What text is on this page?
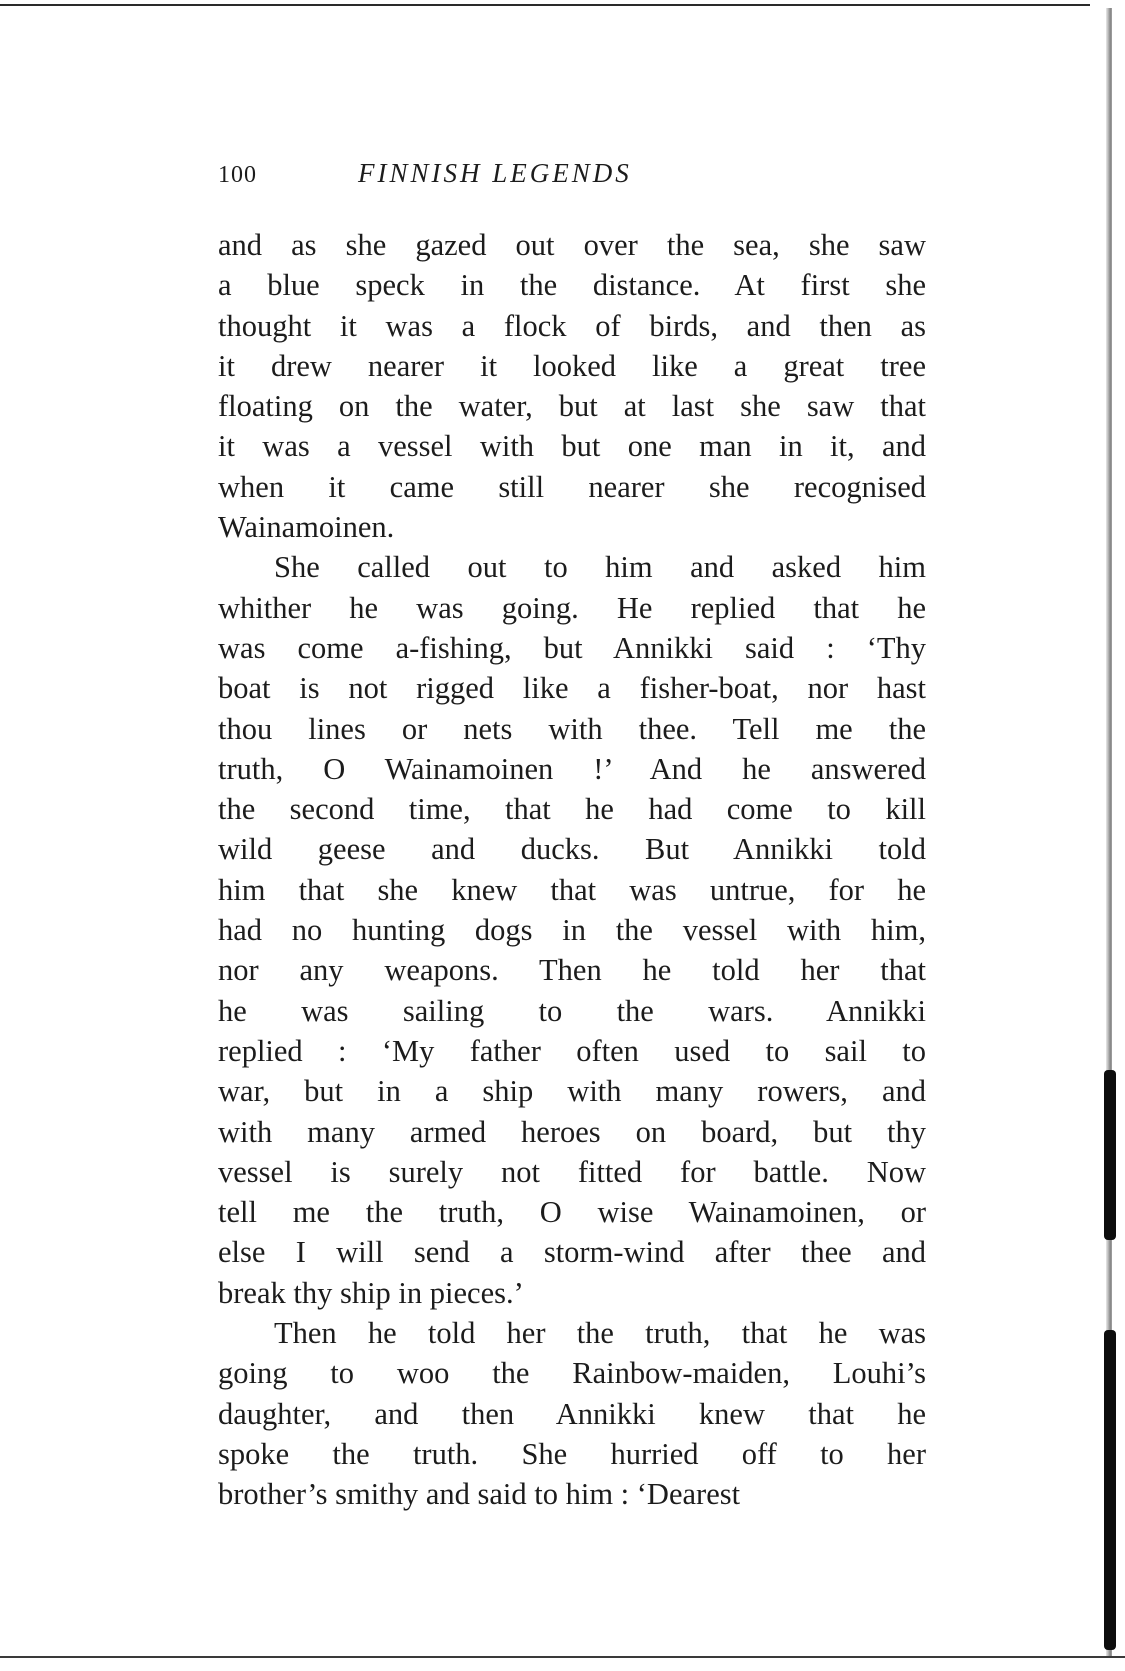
100	FINNISH LEGENDS
and as she gazed out over the sea, she saw
a blue speck in the distance. At first she
thought it was a flock of birds, and then as
it drew nearer it looked like a great tree
floating on the water, but at last she saw that
it was a vessel with but one man in it, and
when it came still nearer she recognised
Wainamoinen.
She called out to him and asked him
whither he was going. He replied that he
was come a-fishing, but Annikki said : ‘Thy
boat is not rigged like a fisher-boat, nor hast
thou lines or nets with thee. Tell me the
truth, O Wainamoinen !’ And he answered
the second time, that he had come to kill
wild geese and ducks. But Annikki told
him that she knew that was untrue, for he
had no hunting dogs in the vessel with him,
nor any weapons. Then he told her that
he was sailing to the wars. Annikki
replied : ‘My father often used to sail to
war, but in a ship with many rowers, and
with many armed heroes on board, but thy
vessel is surely not fitted for battle. Now
tell me the truth, O wise Wainamoinen, or
else I will send a storm-wind after thee and
break thy ship in pieces.’
Then he told her the truth, that he was
going to woo the Rainbow-maiden, Louhi’s
daughter, and then Annikki knew that he
spoke the truth. She hurried off to her
brother’s smithy and said to him : ‘Dearest
